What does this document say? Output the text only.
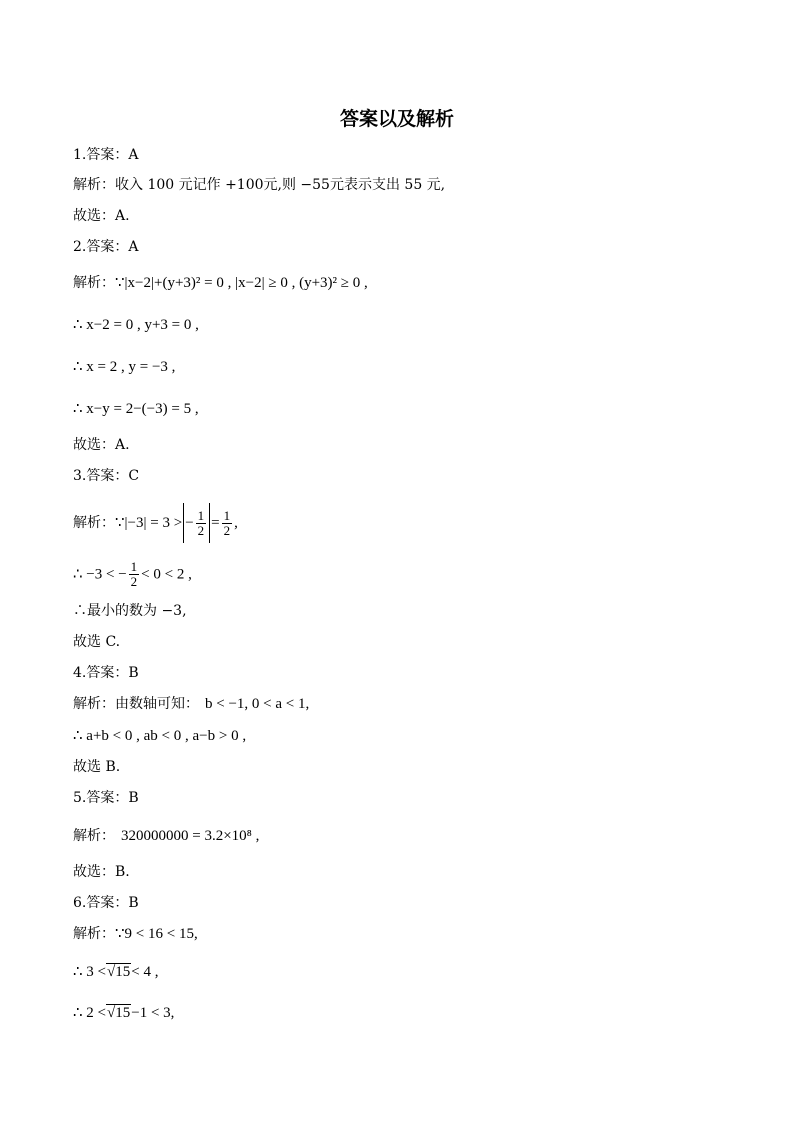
答案以及解析
1.答案：A
解析：收入 100 元记作 +100元,则 −55元表示支出 55 元,
故选：A.
2.答案：A
解析：∵|x−2|+(y+3)² = 0 , |x−2| ≥ 0 , (y+3)² ≥ 0 ,
∴ x−2 = 0 , y+3 = 0 ,
∴ x = 2 , y = −3 ,
∴ x−y = 2−(−3) = 5 ,
故选：A.
3.答案：C
解析：∵|−3| = 3 > − $\frac{1}{2} = \frac{1}{2}$ ,
∴ −3 < − $\frac{1}{2} < 0 < 2$ ,
∴最小的数为 −3,
故选 C.
4.答案：B
解析：由数轴可知： b < −1, 0 < a < 1,
∴ a+b < 0 , ab < 0 , a−b > 0 ,
故选 B.
5.答案：B
解析： 320000000 = 3.2×10⁸ ,
故选：B.
6.答案：B
解析：∵9 < 16 < 15,
∴ 3 <√15< 4 ,
∴ 2 <√15−1 < 3,
